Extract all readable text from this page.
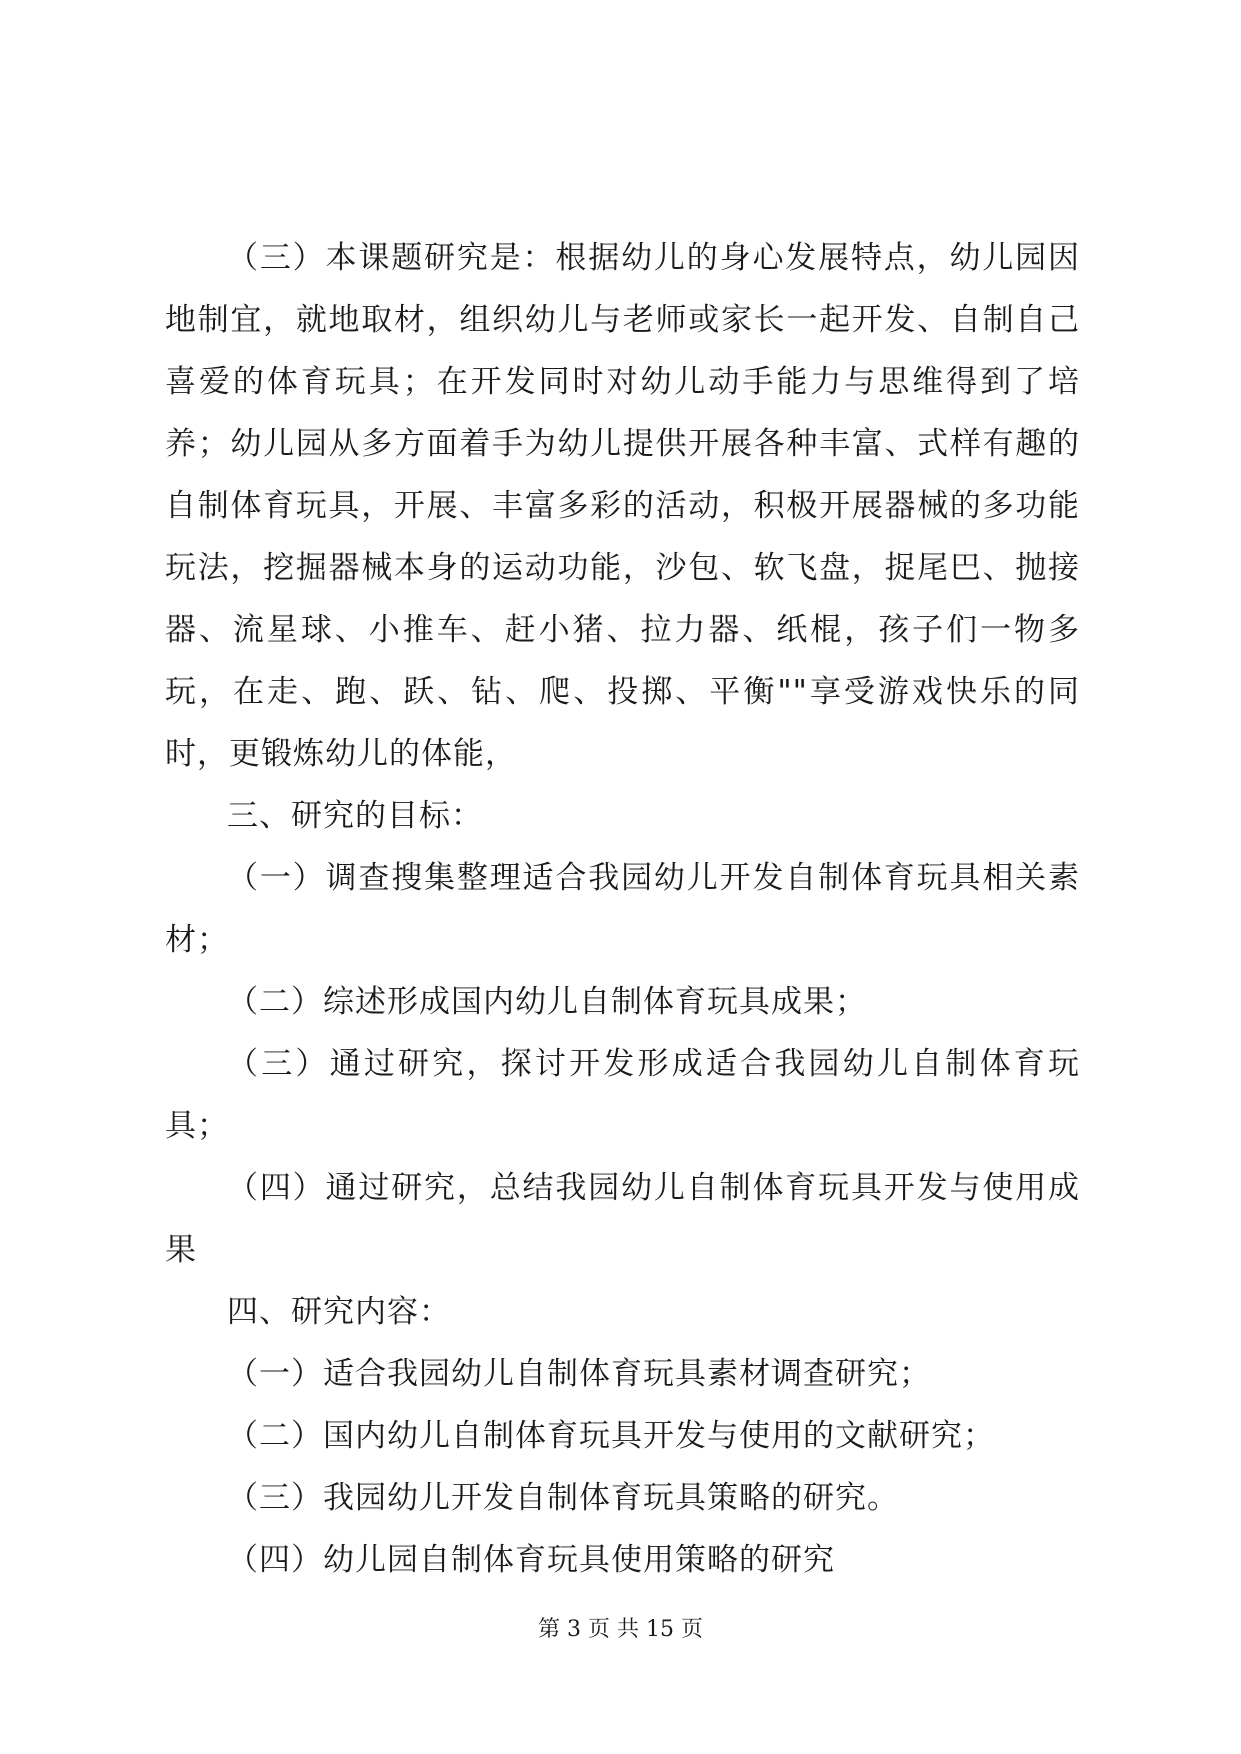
（三）本课题研究是：根据幼儿的身心发展特点，幼儿园因地制宜，就地取材，组织幼儿与老师或家长一起开发、自制自己喜爱的体育玩具；在开发同时对幼儿动手能力与思维得到了培养；幼儿园从多方面着手为幼儿提供开展各种丰富、式样有趣的自制体育玩具，开展、丰富多彩的活动，积极开展器械的多功能玩法，挖掘器械本身的运动功能，沙包、软飞盘，捉尾巴、抛接器、流星球、小推车、赶小猪、拉力器、纸棍，孩子们一物多玩，在走、跑、跃、钻、爬、投掷、平衡""享受游戏快乐的同时，更锻炼幼儿的体能，

三、研究的目标：

（一）调查搜集整理适合我园幼儿开发自制体育玩具相关素材；

（二）综述形成国内幼儿自制体育玩具成果；

（三）通过研究，探讨开发形成适合我园幼儿自制体育玩具；

（四）通过研究，总结我园幼儿自制体育玩具开发与使用成果

四、研究内容：

（一）适合我园幼儿自制体育玩具素材调查研究；

（二）国内幼儿自制体育玩具开发与使用的文献研究；

（三）我园幼儿开发自制体育玩具策略的研究。

（四）幼儿园自制体育玩具使用策略的研究

第 3 页 共 15 页
